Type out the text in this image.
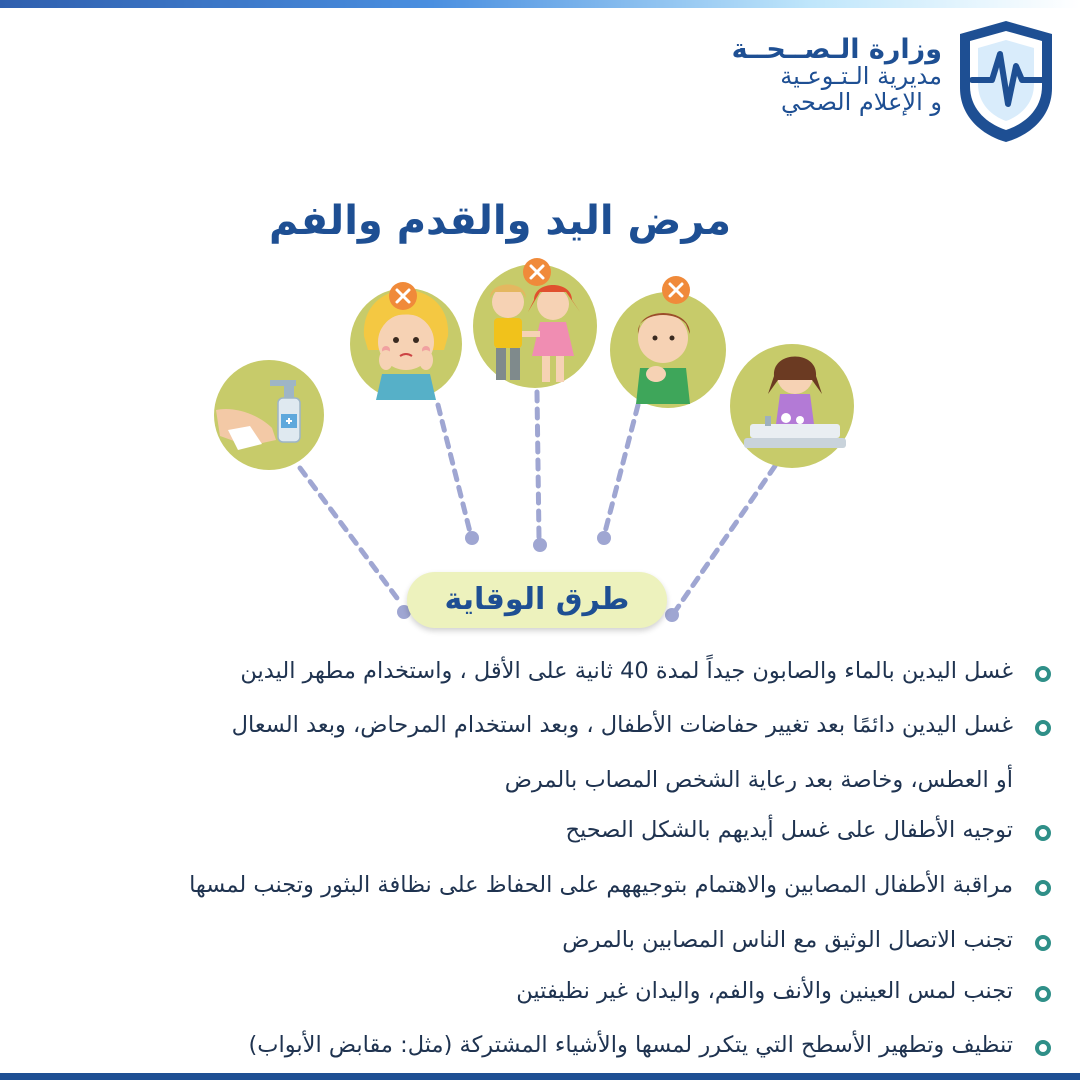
وزارة الـصــحــة
مديرية الـتـوعـية
و الإعلام الصحي
مرض اليد والقدم والفم
طرق الوقاية
غسل اليدين بالماء والصابون جيداً لمدة 40 ثانية على الأقل ، واستخدام مطهر اليدين
غسل اليدين دائمًا بعد تغيير حفاضات الأطفال ، وبعد استخدام المرحاض، وبعد السعال
أو العطس، وخاصة بعد رعاية الشخص المصاب بالمرض
توجيه الأطفال على غسل أيديهم بالشكل الصحيح
مراقبة الأطفال المصابين والاهتمام بتوجيههم على الحفاظ على نظافة البثور وتجنب لمسها
تجنب الاتصال الوثيق مع الناس المصابين بالمرض
تجنب لمس العينين والأنف والفم، واليدان غير نظيفتين
تنظيف وتطهير الأسطح التي يتكرر لمسها والأشياء المشتركة (مثل: مقابض الأبواب)
